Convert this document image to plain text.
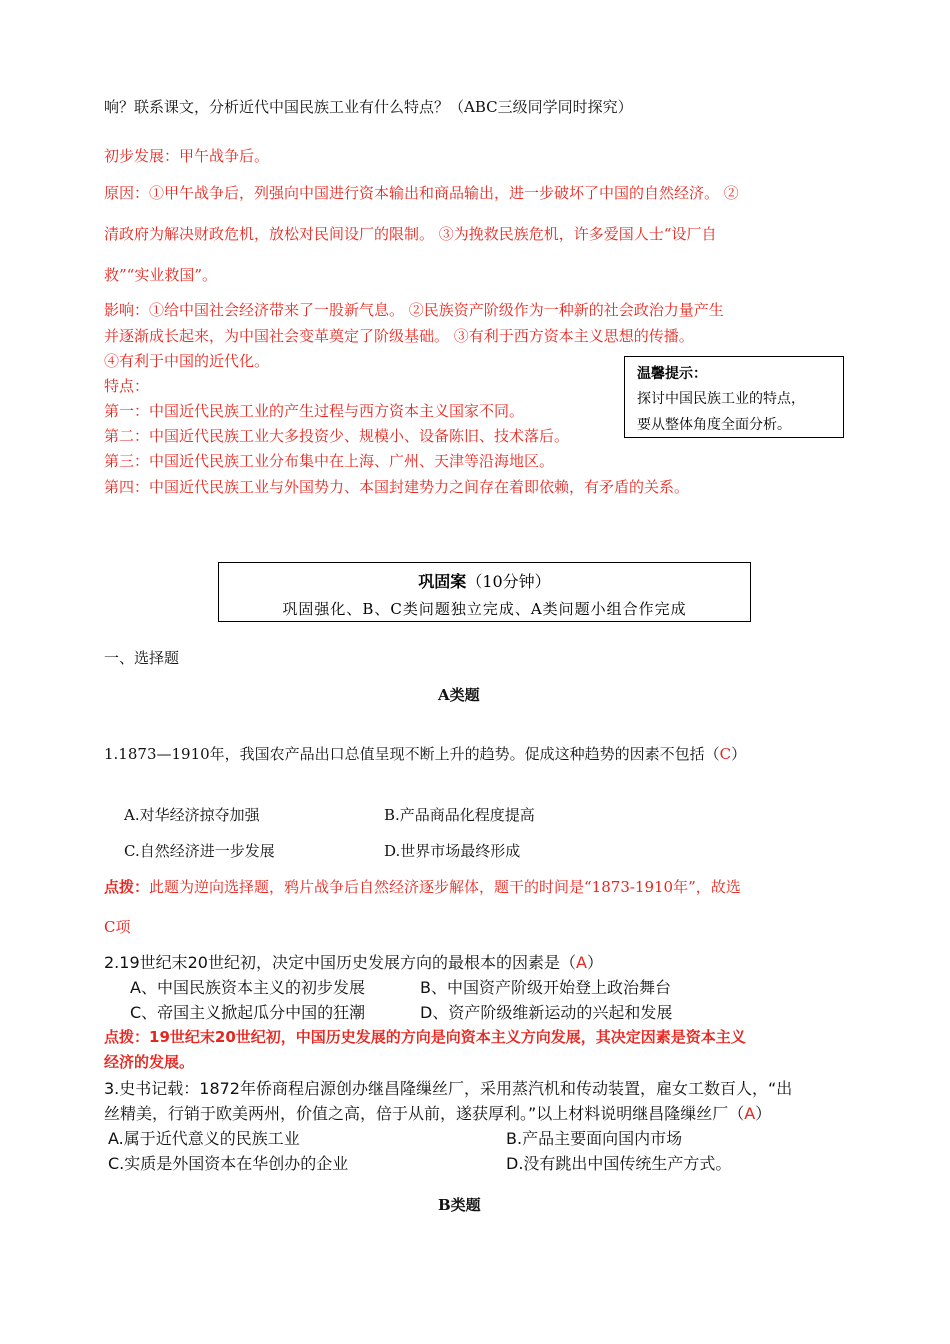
响？联系课文，分析近代中国民族工业有什么特点？（ABC三级同学同时探究）
初步发展：甲午战争后。
原因：①甲午战争后，列强向中国进行资本输出和商品输出，进一步破坏了中国的自然经济。 ②
清政府为解决财政危机，放松对民间设厂的限制。 ③为挽救民族危机，许多爱国人士“设厂自
救”“实业救国”。
影响：①给中国社会经济带来了一股新气息。 ②民族资产阶级作为一种新的社会政治力量产生
并逐渐成长起来，为中国社会变革奠定了阶级基础。 ③有利于西方资本主义思想的传播。
④有利于中国的近代化。
特点：
第一：中国近代民族工业的产生过程与西方资本主义国家不同。
第二：中国近代民族工业大多投资少、规模小、设备陈旧、技术落后。
第三：中国近代民族工业分布集中在上海、广州、天津等沿海地区。
第四：中国近代民族工业与外国势力、本国封建势力之间存在着即依赖，有矛盾的关系。
温馨提示：
探讨中国民族工业的特点，
要从整体角度全面分析。
巩固案（10分钟）
巩固强化、B、C类问题独立完成、A类问题小组合作完成
一、选择题
A类题
1.1873—1910年，我国农产品出口总值呈现不断上升的趋势。促成这种趋势的因素不包括（C）
A.对华经济掠夺加强	B.产品商品化程度提高
C.自然经济进一步发展	D.世界市场最终形成
点拨：此题为逆向选择题，鸦片战争后自然经济逐步解体，题干的时间是“1873-1910年”，故选
C项
2.19世纪末20世纪初，决定中国历史发展方向的最根本的因素是（A）
A、中国民族资本主义的初步发展	B、中国资产阶级开始登上政治舞台
C、帝国主义掀起瓜分中国的狂潮	D、资产阶级维新运动的兴起和发展
点拨：19世纪末20世纪初，中国历史发展的方向是向资本主义方向发展，其决定因素是资本主义
经济的发展。
3.史书记载：1872年侨商程启源创办继昌隆缫丝厂，采用蒸汽机和传动装置，雇女工数百人，“出
丝精美，行销于欧美两州，价值之高，倍于从前，遂获厚利。”以上材料说明继昌隆缫丝厂（A）
A.属于近代意义的民族工业	B.产品主要面向国内市场
C.实质是外国资本在华创办的企业	D.没有跳出中国传统生产方式。
B类题
